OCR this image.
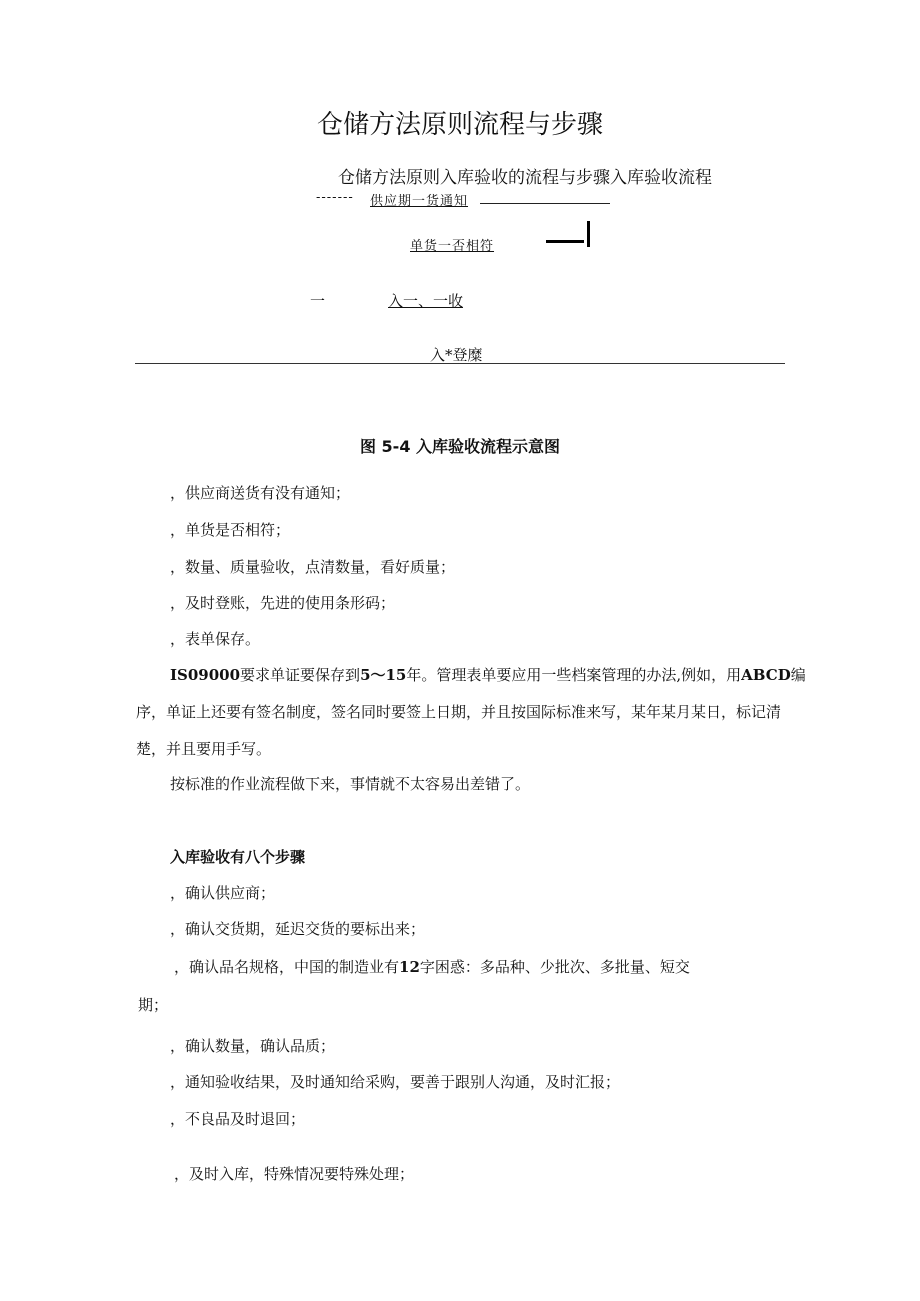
仓储方法原则流程与步骤
仓储方法原则入库验收的流程与步骤入库验收流程
------- 供应期一货通知
单货一否相符
一	入一、一收
入*登糜
图 5-4 入库验收流程示意图
，供应商送货有没有通知；
，单货是否相符；
，数量、质量验收，点清数量，看好质量；
，及时登账，先进的使用条形码；
，表单保存。
IS09000要求单证要保存到5～15年。管理表单要应用一些档案管理的办法,例如，用ABCD编序，单证上还要有签名制度，签名同时要签上日期，并且按国际标准来写，某年某月某日，标记清楚，并且要用手写。
按标准的作业流程做下来，事情就不太容易出差错了。
入库验收有八个步骤
，确认供应商；
，确认交货期，延迟交货的要标出来；
，确认品名规格，中国的制造业有12字困惑：多品种、少批次、多批量、短交
期；
，确认数量，确认品质；
，通知验收结果，及时通知给采购，要善于跟别人沟通，及时汇报；
，不良品及时退回；
，及时入库，特殊情况要特殊处理；
